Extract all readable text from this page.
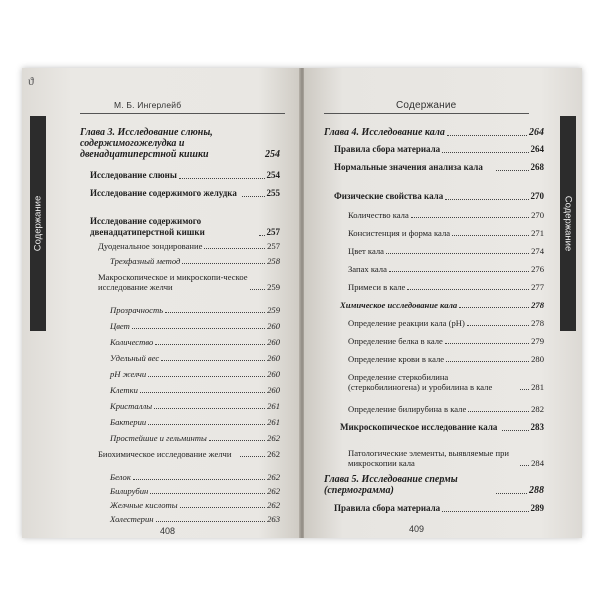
ϑ
М. Б. Ингерлейб
Содержание
Глава 3. Исследование слюны, содержимогожелудка и двенадцатиперстной кишки	254
Исследование слюны	254
Исследование содержимого желудка	255
Исследование содержимого двенадцатиперстной кишки	257
Дуоденальное зондирование	257
Трехфазный метод	258
Макроскопическое и микроскопи-ческое исследование желчи	259
Прозрачность	259
Цвет	260
Количество	260
Удельный вес	260
pH желчи	260
Клетки	260
Кристаллы	261
Бактерии	261
Простейшие и гельминты	262
Биохимическое исследование желчи	262
Белок	262
Билирубин	262
Желчные кислоты	262
Холестерин	263
408
Содержание
Содержание
Глава 4. Исследование кала	264
Правила сбора материала	264
Нормальные значения анализа кала	268
Физические свойства кала	270
Количество кала	270
Консистенция и форма кала	271
Цвет кала	274
Запах кала	276
Примеси в кале	277
Химическое исследование кала	278
Определение реакции кала (pH)	278
Определение белка в кале	279
Определение крови в кале	280
Определение стеркобилина (стеркобилиногена) и уробилина в кале	281
Определение билирубина в кале	282
Микроскопическое исследование кала	283
Патологические элементы, выявляемые при микроскопии кала	284
Глава 5. Исследование спермы (спермограмма)	288
Правила сбора материала	289
409
